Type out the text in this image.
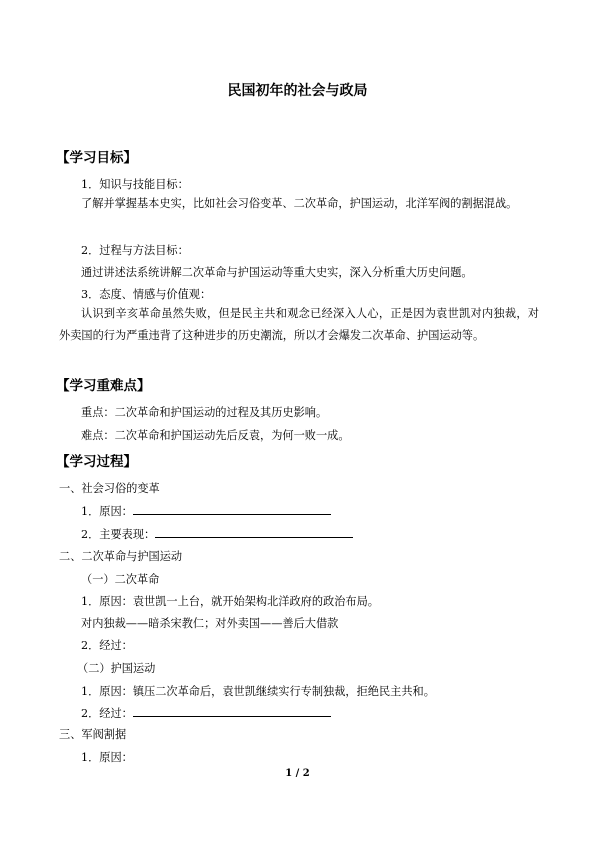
民国初年的社会与政局
【学习目标】
1．知识与技能目标：
了解并掌握基本史实，比如社会习俗变革、二次革命，护国运动，北洋军阀的割据混战。
2．过程与方法目标：
通过讲述法系统讲解二次革命与护国运动等重大史实，深入分析重大历史问题。
3．态度、情感与价值观：
认识到辛亥革命虽然失败，但是民主共和观念已经深入人心，正是因为袁世凯对内独裁，对外卖国的行为严重违背了这种进步的历史潮流，所以才会爆发二次革命、护国运动等。
【学习重难点】
重点：二次革命和护国运动的过程及其历史影响。
难点：二次革命和护国运动先后反袁，为何一败一成。
【学习过程】
一、社会习俗的变革
1．原因：
2．主要表现：
二、二次革命与护国运动
（一）二次革命
1．原因：袁世凯一上台，就开始架构北洋政府的政治布局。
对内独裁——暗杀宋教仁；对外卖国——善后大借款
2．经过：
（二）护国运动
1．原因：镇压二次革命后，袁世凯继续实行专制独裁，拒绝民主共和。
2．经过：
三、军阀割据
1．原因：
1 / 2
